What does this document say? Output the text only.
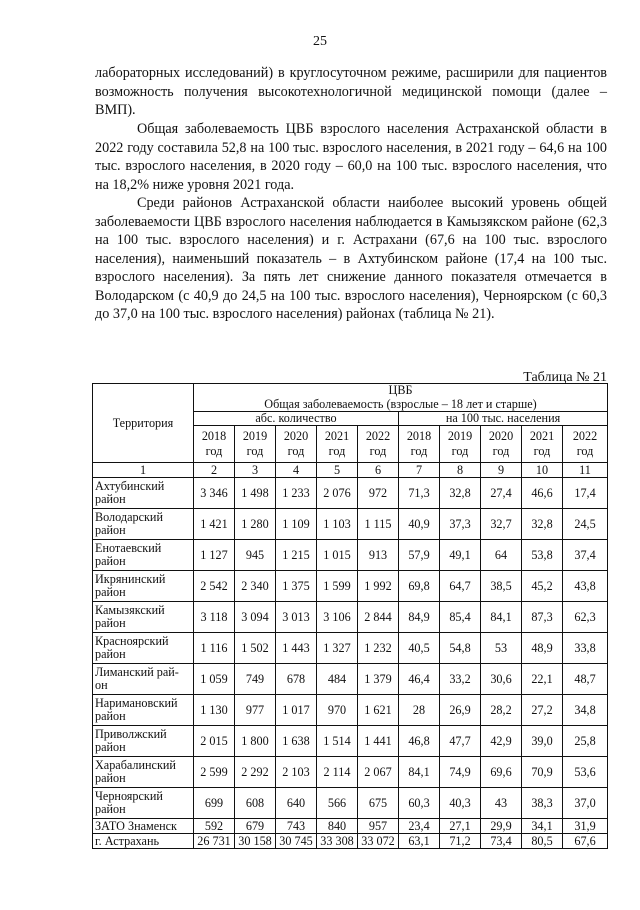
25

лабораторных исследований) в круглосуточном режиме, расширили для пациентов возможность получения высокотехнологичной медицинской помощи (далее – ВМП).

Общая заболеваемость ЦВБ взрослого населения Астраханской области в 2022 году составила 52,8 на 100 тыс. взрослого населения, в 2021 году – 64,6 на 100 тыс. взрослого населения, в 2020 году – 60,0 на 100 тыс. взрослого населения, что на 18,2% ниже уровня 2021 года.

Среди районов Астраханской области наиболее высокий уровень общей заболеваемости ЦВБ взрослого населения наблюдается в Камызякском районе (62,3 на 100 тыс. взрослого населения) и г. Астрахани (67,6 на 100 тыс. взрослого населения), наименьший показатель – в Ахтубинском районе (17,4 на 100 тыс. взрослого населения). За пять лет снижение данного показателя отмечается в Володарском (с 40,9 до 24,5 на 100 тыс. взрослого населения), Черноярском (с 60,3 до 37,0 на 100 тыс. взрослого населения) районах (таблица № 21).

Таблица № 21
Территория	ЦВБ									
	Общая заболеваемость (взрослые – 18 лет и старше)									
	абс. количество					на 100 тыс. населения				
	2018 год	2019 год	2020 год	2021 год	2022 год	2018 год	2019 год	2020 год	2021 год	2022 год
1	2	3	4	5	6	7	8	9	10	11
Ахтубинский район	3 346	1 498	1 233	2 076	972	71,3	32,8	27,4	46,6	17,4
Володарский район	1 421	1 280	1 109	1 103	1 115	40,9	37,3	32,7	32,8	24,5
Енотаевский район	1 127	945	1 215	1 015	913	57,9	49,1	64	53,8	37,4
Икрянинский район	2 542	2 340	1 375	1 599	1 992	69,8	64,7	38,5	45,2	43,8
Камызякский район	3 118	3 094	3 013	3 106	2 844	84,9	85,4	84,1	87,3	62,3
Красноярский район	1 116	1 502	1 443	1 327	1 232	40,5	54,8	53	48,9	33,8
Лиманский рай-он	1 059	749	678	484	1 379	46,4	33,2	30,6	22,1	48,7
Наримановский район	1 130	977	1 017	970	1 621	28	26,9	28,2	27,2	34,8
Приволжский район	2 015	1 800	1 638	1 514	1 441	46,8	47,7	42,9	39,0	25,8
Харабалинский район	2 599	2 292	2 103	2 114	2 067	84,1	74,9	69,6	70,9	53,6
Черноярский район	699	608	640	566	675	60,3	40,3	43	38,3	37,0
ЗАТО Знаменск	592	679	743	840	957	23,4	27,1	29,9	34,1	31,9
г. Астрахань	26 731	30 158	30 745	33 308	33 072	63,1	71,2	73,4	80,5	67,6
